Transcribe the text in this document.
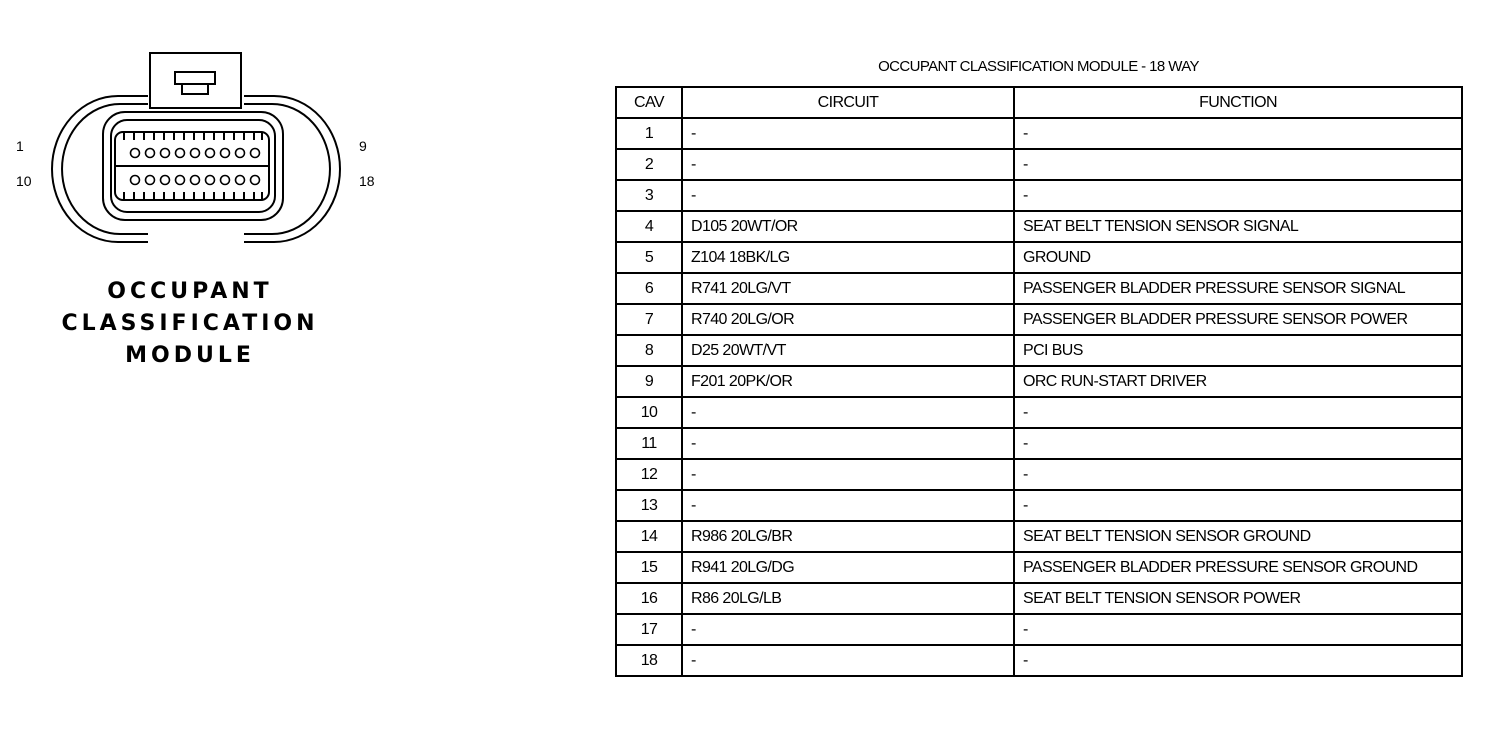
1
10
9
18
OCCUPANT
CLASSIFICATION
MODULE
OCCUPANT CLASSIFICATION MODULE - 18 WAY
CAV	CIRCUIT	FUNCTION
1	-	-
2	-	-
3	-	-
4	D105 20WT/OR	SEAT BELT TENSION SENSOR SIGNAL
5	Z104 18BK/LG	GROUND
6	R741 20LG/VT	PASSENGER BLADDER PRESSURE SENSOR SIGNAL
7	R740 20LG/OR	PASSENGER BLADDER PRESSURE SENSOR POWER
8	D25 20WT/VT	PCI BUS
9	F201 20PK/OR	ORC RUN-START DRIVER
10	-	-
11	-	-
12	-	-
13	-	-
14	R986 20LG/BR	SEAT BELT TENSION SENSOR GROUND
15	R941 20LG/DG	PASSENGER BLADDER PRESSURE SENSOR GROUND
16	R86 20LG/LB	SEAT BELT TENSION SENSOR POWER
17	-	-
18	-	-
